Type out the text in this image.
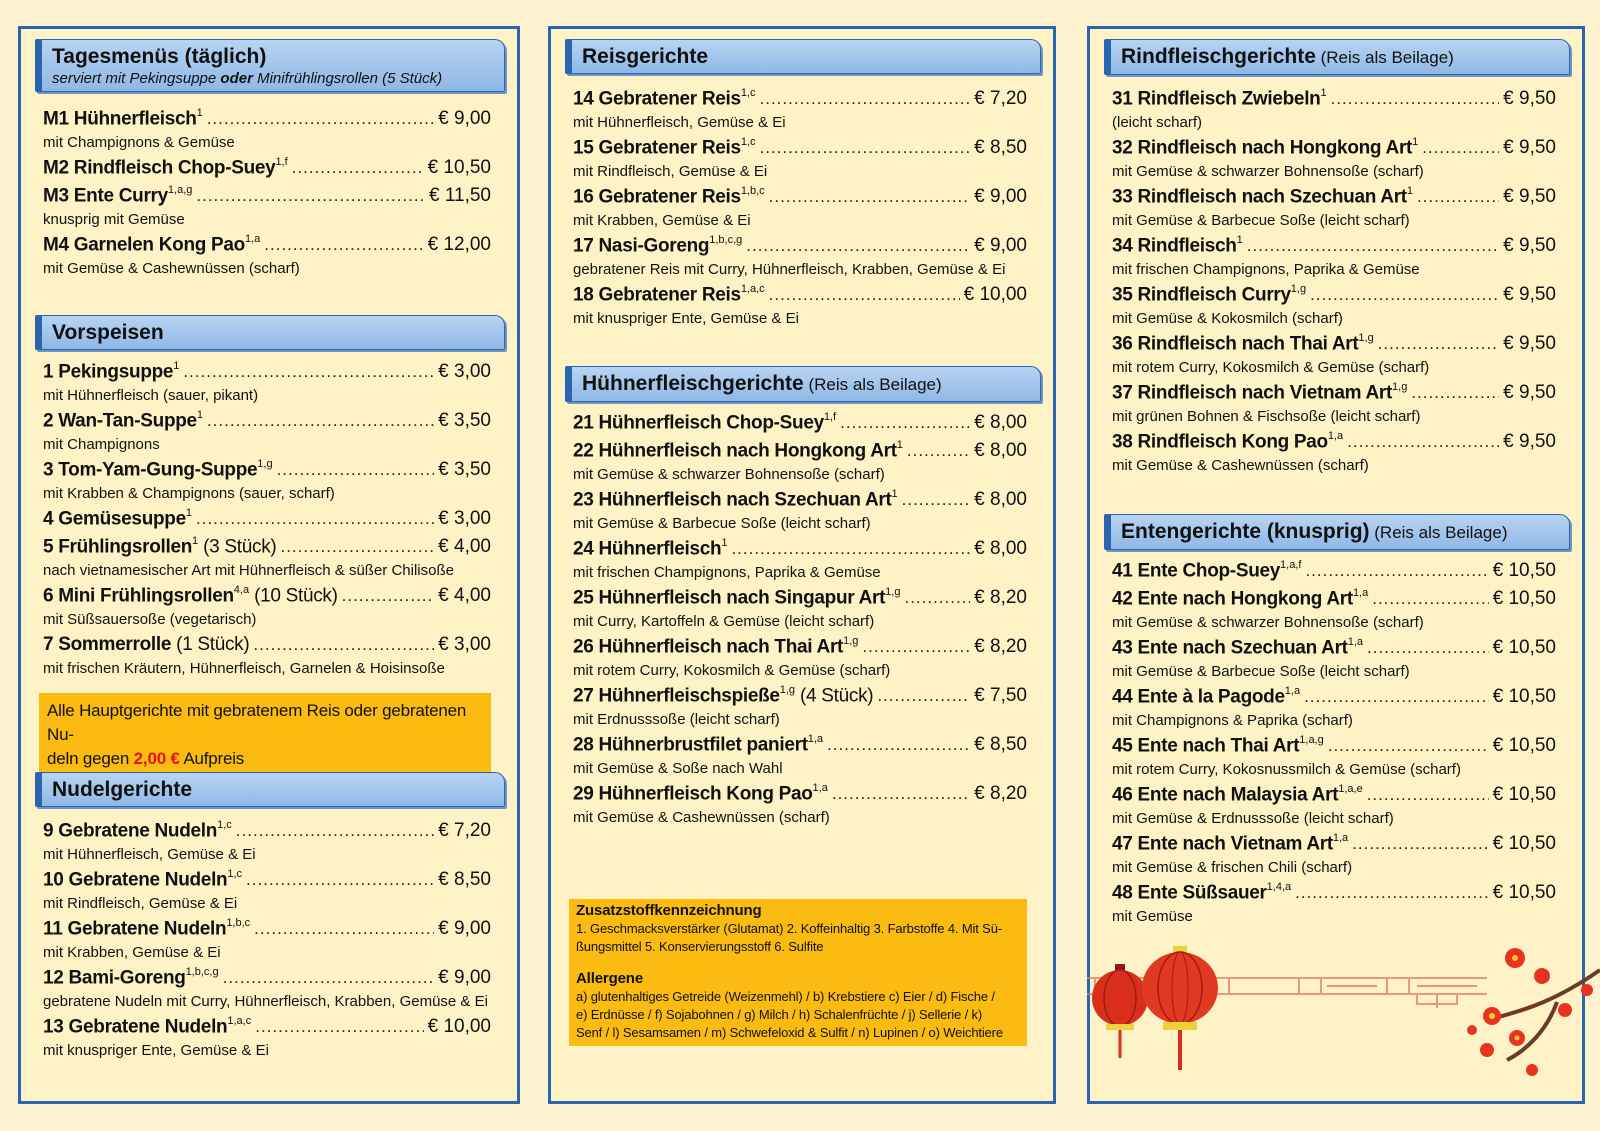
Tagesmenüs (täglich)
serviert mit Pekingsuppe oder Minifrühlingsrollen (5 Stück)
M1 Hühnerfleisch$^1$ .....	€ 9,00
mit Champignons & Gemüse
M2 Rindfleisch Chop-Suey$^{1,f}$ .....	€ 10,50
M3 Ente Curry$^{1,a,g}$ .....	€ 11,50
knusprig mit Gemüse
M4 Garnelen Kong Pao$^{1,a}$ .....	€ 12,00
mit Gemüse & Cashewnüssen (scharf)
Vorspeisen
1 Pekingsuppe$^1$ .....	€ 3,00
mit Hühnerfleisch (sauer, pikant)
2 Wan-Tan-Suppe$^1$ .....	€ 3,50
mit Champignons
3 Tom-Yam-Gung-Suppe$^{1,g}$ .....	€ 3,50
mit Krabben & Champignons (sauer, scharf)
4 Gemüsesuppe$^1$ .....	€ 3,00
5 Frühlingsrollen$^1$ (3 Stück) .....	€ 4,00
nach vietnamesischer Art mit Hühnerfleisch & süßer Chilisoße
6 Mini Frühlingsrollen$^{4,a}$ (10 Stück) .....	€ 4,00
mit Süßsauersoße (vegetarisch)
7 Sommerrolle (1 Stück) .....	€ 3,00
mit frischen Kräutern, Hühnerfleisch, Garnelen & Hoisinsoße
Alle Hauptgerichte mit gebratenem Reis oder gebratenen Nu-
deln gegen 2,00 € Aufpreis
Nudelgerichte
9 Gebratene Nudeln$^{1,c}$ .....	€ 7,20
mit Hühnerfleisch, Gemüse & Ei
10 Gebratene Nudeln$^{1,c}$ .....	€ 8,50
mit Rindfleisch, Gemüse & Ei
11 Gebratene Nudeln$^{1,b,c}$ .....	€ 9,00
mit Krabben, Gemüse & Ei
12 Bami-Goreng$^{1,b,c,g}$ .....	€ 9,00
gebratene Nudeln mit Curry, Hühnerfleisch, Krabben, Gemüse & Ei
13 Gebratene Nudeln$^{1,a,c}$ .....	€ 10,00
mit knuspriger Ente, Gemüse & Ei
Reisgerichte
14 Gebratener Reis$^{1,c}$ .....	€ 7,20
mit Hühnerfleisch, Gemüse & Ei
15 Gebratener Reis$^{1,c}$ .....	€ 8,50
mit Rindfleisch, Gemüse & Ei
16 Gebratener Reis$^{1,b,c}$ .....	€ 9,00
mit Krabben, Gemüse & Ei
17 Nasi-Goreng$^{1,b,c,g}$ .....	€ 9,00
gebratener Reis mit Curry, Hühnerfleisch, Krabben, Gemüse & Ei
18 Gebratener Reis$^{1,a,c}$ .....	€ 10,00
mit knuspriger Ente, Gemüse & Ei
Hühnerfleischgerichte (Reis als Beilage)
21 Hühnerfleisch Chop-Suey$^{1,f}$ .....	€ 8,00
22 Hühnerfleisch nach Hongkong Art$^1$ .....	€ 8,00
mit Gemüse & schwarzer Bohnensoße (scharf)
23 Hühnerfleisch nach Szechuan Art$^1$ .....	€ 8,00
mit Gemüse & Barbecue Soße (leicht scharf)
24 Hühnerfleisch$^1$ .....	€ 8,00
mit frischen Champignons, Paprika & Gemüse
25 Hühnerfleisch nach Singapur Art$^{1,g}$ .....	€ 8,20
mit Curry, Kartoffeln & Gemüse (leicht scharf)
26 Hühnerfleisch nach Thai Art$^{1,g}$ .....	€ 8,20
mit rotem Curry, Kokosmilch & Gemüse (scharf)
27 Hühnerfleischspieße$^{1,g}$ (4 Stück) .....	€ 7,50
mit Erdnusssoße (leicht scharf)
28 Hühnerbrustfilet paniert$^{1,a}$ .....	€ 8,50
mit Gemüse & Soße nach Wahl
29 Hühnerfleisch Kong Pao$^{1,a}$ .....	€ 8,20
mit Gemüse & Cashewnüssen (scharf)
Zusatzstoffkennzeichnung
1. Geschmacksverstärker (Glutamat) 2. Koffeinhaltig 3. Farbstoffe 4. Mit Sü-
ßungsmittel 5. Konservierungsstoff 6. Sulfite
Allergene
a) glutenhaltiges Getreide (Weizenmehl) / b) Krebstiere c) Eier / d) Fische /
e) Erdnüsse / f) Sojabohnen / g) Milch / h) Schalenfrüchte / j) Sellerie / k)
Senf / l) Sesamsamen / m) Schwefeloxid & Sulfit / n) Lupinen / o) Weichtiere
Rindfleischgerichte (Reis als Beilage)
31 Rindfleisch Zwiebeln$^1$ .....	€ 9,50
(leicht scharf)
32 Rindfleisch nach Hongkong Art$^1$ .....	€ 9,50
mit Gemüse & schwarzer Bohnensoße (scharf)
33 Rindfleisch nach Szechuan Art$^1$ .....	€ 9,50
mit Gemüse & Barbecue Soße (leicht scharf)
34 Rindfleisch$^1$ .....	€ 9,50
mit frischen Champignons, Paprika & Gemüse
35 Rindfleisch Curry$^{1,g}$ .....	€ 9,50
mit Gemüse & Kokosmilch (scharf)
36 Rindfleisch nach Thai Art$^{1,g}$ .....	€ 9,50
mit rotem Curry, Kokosmilch & Gemüse (scharf)
37 Rindfleisch nach Vietnam Art$^{1,g}$ .....	€ 9,50
mit grünen Bohnen & Fischsoße (leicht scharf)
38 Rindfleisch Kong Pao$^{1,a}$ .....	€ 9,50
mit Gemüse & Cashewnüssen (scharf)
Entengerichte (knusprig) (Reis als Beilage)
41 Ente Chop-Suey$^{1,a,f}$ .....	€ 10,50
42 Ente nach Hongkong Art$^{1,a}$ .....	€ 10,50
mit Gemüse & schwarzer Bohnensoße (scharf)
43 Ente nach Szechuan Art$^{1,a}$ .....	€ 10,50
mit Gemüse & Barbecue Soße (leicht scharf)
44 Ente à la Pagode$^{1,a}$ .....	€ 10,50
mit Champignons & Paprika (scharf)
45 Ente nach Thai Art$^{1,a,g}$ .....	€ 10,50
mit rotem Curry, Kokosnussmilch & Gemüse (scharf)
46 Ente nach Malaysia Art$^{1,a,e}$ .....	€ 10,50
mit Gemüse & Erdnusssoße (leicht scharf)
47 Ente nach Vietnam Art$^{1,a}$ .....	€ 10,50
mit Gemüse & frischen Chili (scharf)
48 Ente Süßsauer$^{1,4,a}$ .....	€ 10,50
mit Gemüse
